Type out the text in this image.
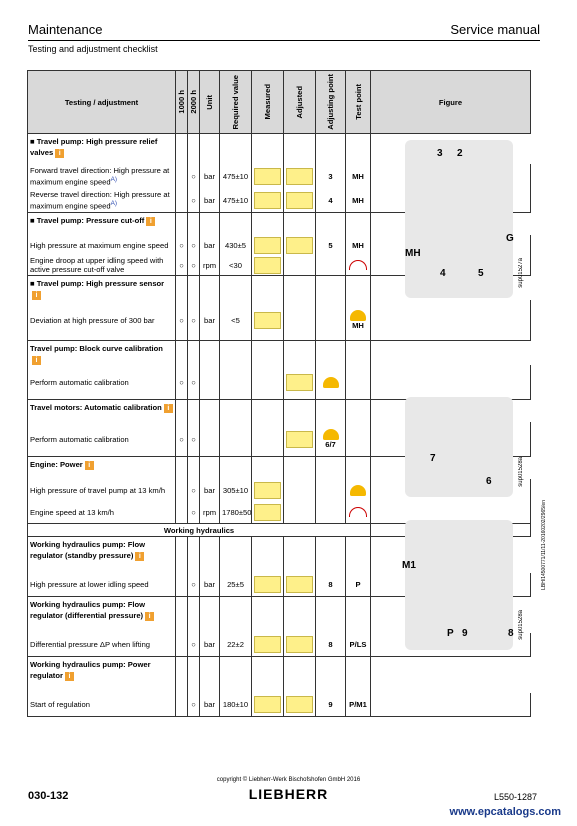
Maintenance	Service manual
Testing and adjustment checklist
Testing / adjustment	1000 h	2000 h	Unit	Required value	Measured	Adjusted	Adjusting point	Test point	Figure
■ Travel pump: High pressure relief valves i									
Forward travel direction: High pressure at maximum engine speed$^{A)}$		○	bar	475±10			3	MH	
Reverse travel direction: High pressure at maximum engine speed$^{A)}$		○	bar	475±10			4	MH	
■ Travel pump: Pressure cut-off i									
High pressure at maximum engine speed	○	○	bar	430±5			5	MH	
Engine droop at upper idling speed with active pressure cut-off valve	○	○	rpm	<30					
■ Travel pump: High pressure sensori									
Deviation at high pressure of 300 bar	○	○	bar	<5				MH	
Travel pump: Block curve calibrationi									
Perform automatic calibration	○	○					

Travel motors: Automatic calibration i									
Perform automatic calibration	○	○					6/7		
Engine: Power i									
High pressure of travel pump at 13 km/h		○	bar	305±10				

Engine speed at 13 km/h		○	rpm	1780±50					
Working hydraulics									
Working hydraulics pump: Flow regulator (standby pressure) i									
High pressure at lower idling speed		○	bar	25±5			8	P	
Working hydraulics pump: Flow regulator (differential pressure) i									
Differential pressure ΔP when lifting		○	bar	22±2			8	P/LS	
Working hydraulics pump: Power regulator i									
Start of regulation		○	bar	180±10			9	P/M1	
copyright © Liebherr-Werk Bischofshofen GmbH 2016
030-132	LIEBHERR	L550-1287
LBH/14500771/11/11-20160202/2965/en
www.epcatalogs.com
3 2
MH
4	5
G
sup01527a
7
6	sup01528a
M1
P 9	8 sup01528a
